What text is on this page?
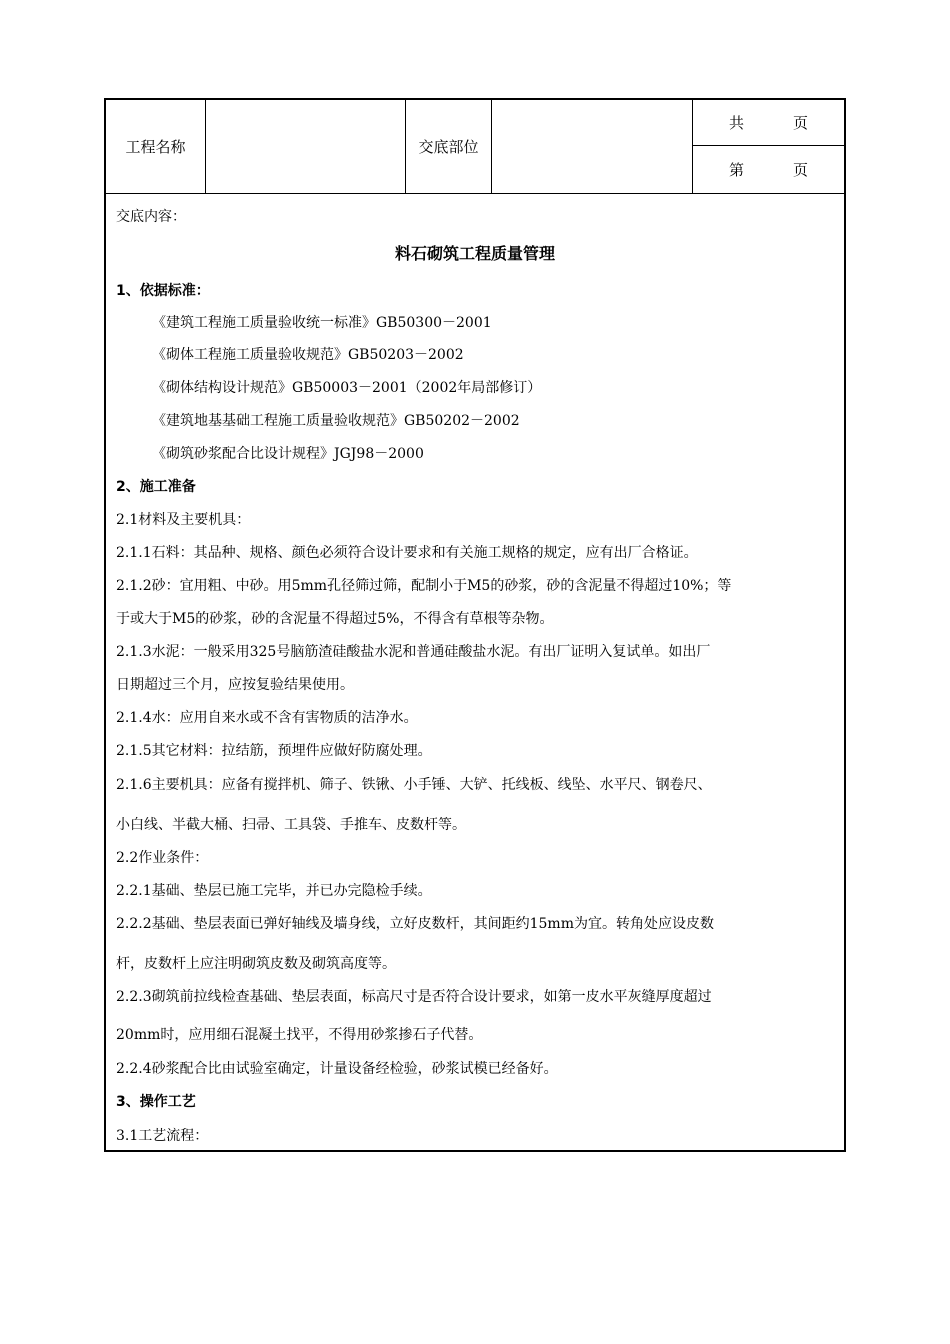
工程名称	交底部位
共	页
第	页
交底内容：
料石砌筑工程质量管理
1、依据标准：
《建筑工程施工质量验收统一标准》GB50300－2001
《砌体工程施工质量验收规范》GB50203－2002
《砌体结构设计规范》GB50003－2001（2002年局部修订）
《建筑地基基础工程施工质量验收规范》GB50202－2002
《砌筑砂浆配合比设计规程》JGJ98－2000
2、施工准备
2.1材料及主要机具：
2.1.1石料：其品种、规格、颜色必须符合设计要求和有关施工规格的规定，应有出厂合格证。
2.1.2砂：宜用粗、中砂。用5mm孔径筛过筛，配制小于M5的砂浆，砂的含泥量不得超过10%；等
于或大于M5的砂浆，砂的含泥量不得超过5%，不得含有草根等杂物。
2.1.3水泥：一般采用325号脑筋渣硅酸盐水泥和普通硅酸盐水泥。有出厂证明入复试单。如出厂
日期超过三个月，应按复验结果使用。
2.1.4水：应用自来水或不含有害物质的洁净水。
2.1.5其它材料：拉结筋，预埋件应做好防腐处理。
2.1.6主要机具：应备有搅拌机、筛子、铁锹、小手锤、大铲、托线板、线坠、水平尺、钢卷尺、
小白线、半截大桶、扫帚、工具袋、手推车、皮数杆等。
2.2作业条件：
2.2.1基础、垫层已施工完毕，并已办完隐检手续。
2.2.2基础、垫层表面已弹好轴线及墙身线，立好皮数杆，其间距约15mm为宜。转角处应设皮数
杆，皮数杆上应注明砌筑皮数及砌筑高度等。
2.2.3砌筑前拉线检查基础、垫层表面，标高尺寸是否符合设计要求，如第一皮水平灰缝厚度超过
20mm时，应用细石混凝土找平，不得用砂浆掺石子代替。
2.2.4砂浆配合比由试验室确定，计量设备经检验，砂浆试模已经备好。
3、操作工艺
3.1工艺流程：
